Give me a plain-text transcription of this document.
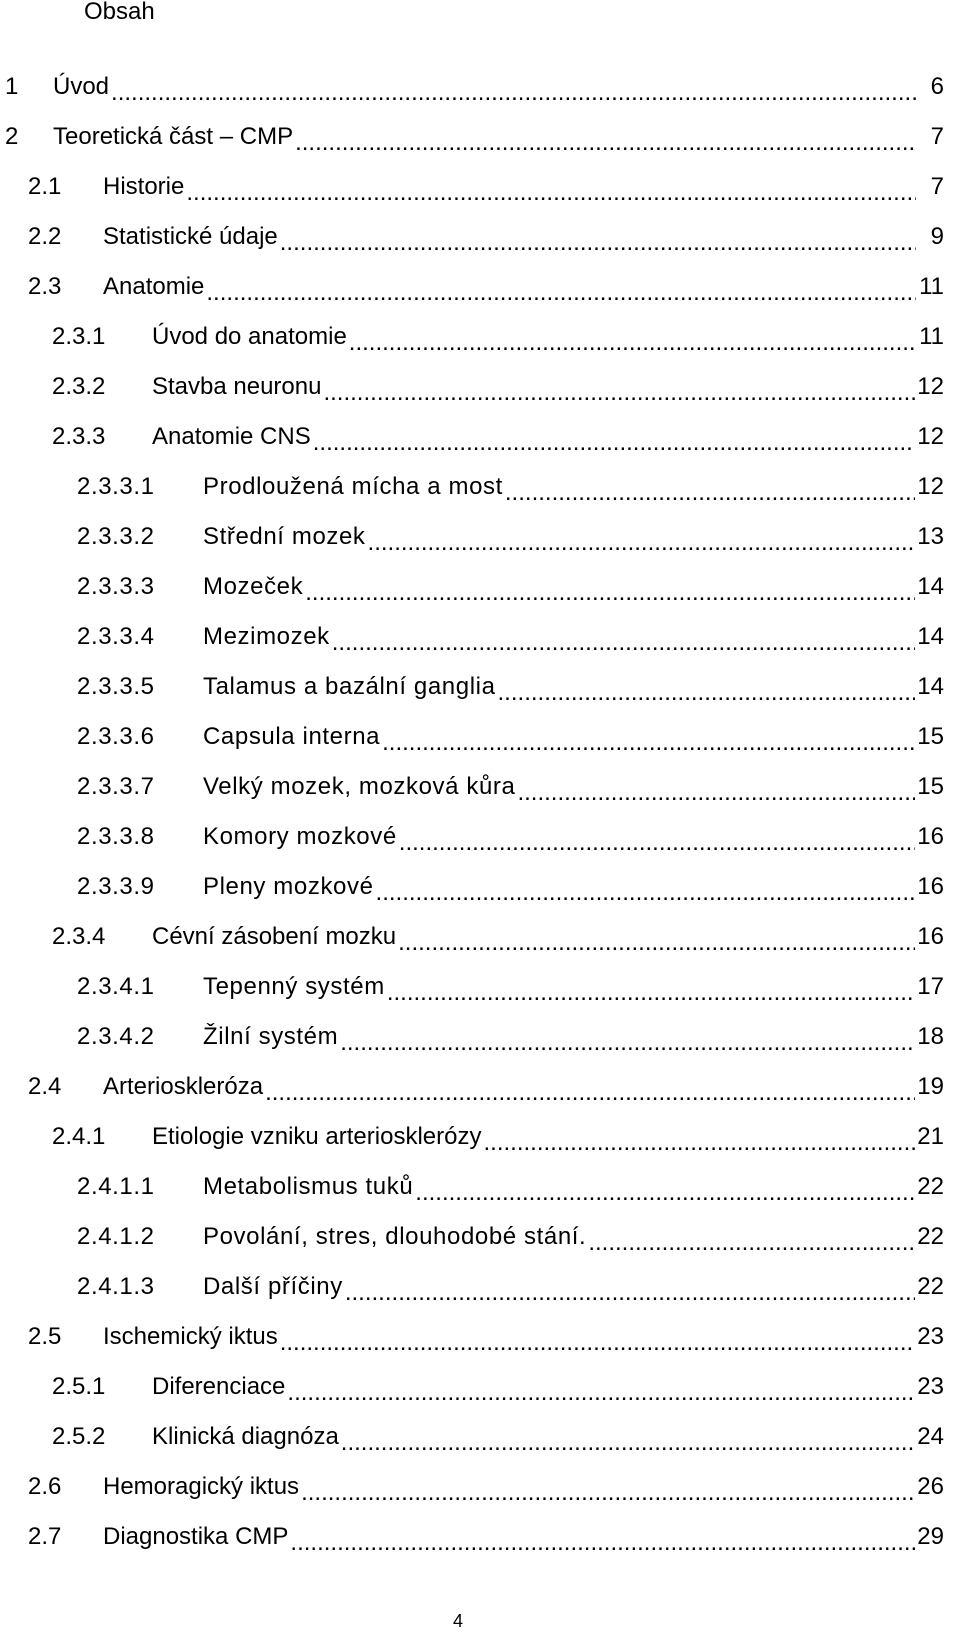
Obsah
1	Úvod .....	6
2	Teoretická část – CMP .....	7
2.1	Historie .....	7
2.2	Statistické údaje .....	9
2.3	Anatomie .....	11
2.3.1	Úvod do anatomie .....	11
2.3.2	Stavba neuronu .....	12
2.3.3	Anatomie CNS .....	12
2.3.3.1	Prodloužená mícha a most .....	12
2.3.3.2	Střední mozek .....	13
2.3.3.3	Mozeček .....	14
2.3.3.4	Mezimozek .....	14
2.3.3.5	Talamus a bazální ganglia .....	14
2.3.3.6	Capsula interna .....	15
2.3.3.7	Velký mozek, mozková kůra .....	15
2.3.3.8	Komory mozkové .....	16
2.3.3.9	Pleny mozkové .....	16
2.3.4	Cévní zásobení mozku .....	16
2.3.4.1	Tepenný systém .....	17
2.3.4.2	Žilní systém .....	18
2.4	Arterioskleróza .....	19
2.4.1	Etiologie vzniku arteriosklerózy .....	21
2.4.1.1	Metabolismus tuků .....	22
2.4.1.2	Povolání, stres, dlouhodobé stání. .....	22
2.4.1.3	Další příčiny .....	22
2.5	Ischemický iktus .....	23
2.5.1	Diferenciace .....	23
2.5.2	Klinická diagnóza .....	24
2.6	Hemoragický iktus .....	26
2.7	Diagnostika CMP .....	29
4
